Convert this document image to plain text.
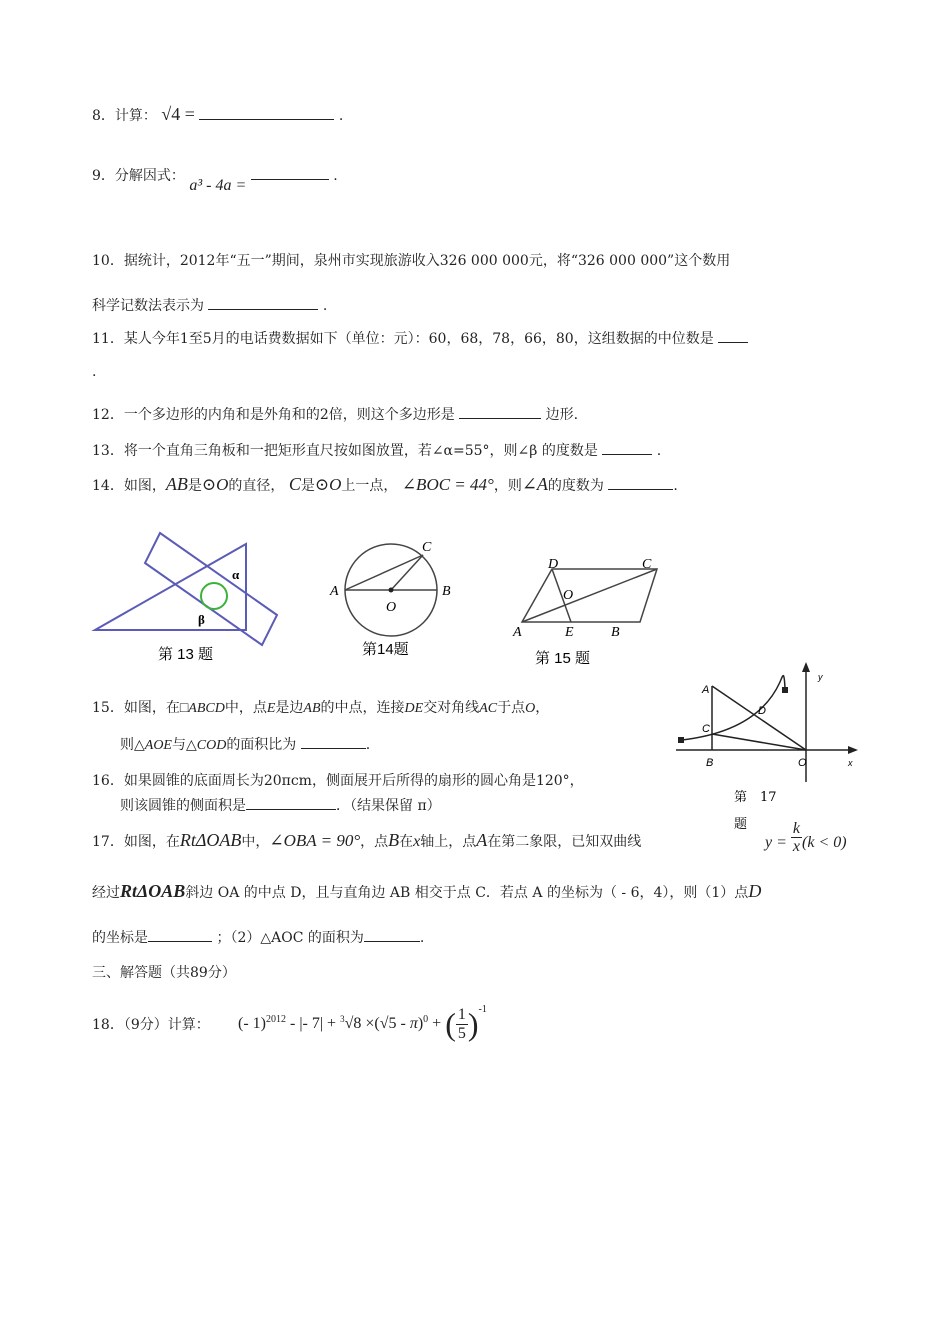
8．计算： √4 =	.
9．分解因式： a³ - 4a =  .
10．据统计，2012年“五一”期间，泉州市实现旅游收入326 000 000元，将“326 000 000”这个数用
科学记数法表示为	.
11．某人今年1至5月的电话费数据如下（单位：元）：60，68，78，66，80，这组数据的中位数是
.
12．一个多边形的内角和是外角和的2倍，则这个多边形是	边形.
13．将一个直角三角板和一把矩形直尺按如图放置，若∠α=55°，则∠β 的度数是	.
14．如图，AB是⊙O的直径， C是⊙O上一点， ∠BOC = 44°，则∠A的度数为	.
α
β
第 13 题
A	B
C
O
第14题
A	B
C
D
E
O
第 15 题
A
B
C
D
O	x
y
第　17
题
15．如图，在□ABCD中，点E是边AB的中点，连接DE交对角线AC于点O，
则△AOE与△COD的面积比为	.
16．如果圆锥的底面周长为20πcm，侧面展开后所得的扇形的圆心角是120°，
则该圆锥的侧面积是	．（结果保留 π）
17．如图，在RtΔOAB中，∠OBA = 90°，点B在x轴上，点A在第二象限，已知双曲线	$y = \frac{k}{x} (k < 0)$
经过RtΔOAB斜边 OA 的中点 D，且与直角边 AB 相交于点 C．若点 A 的坐标为（ - 6，4），则（1）点D
的坐标是	；（2）△AOC 的面积为	.
三、解答题（共89分）
18．（9分）计算： (- 1)$^{2012}$ - |- 7| + $^3$√8 ×(√5 - π)$^0$ + ( $\frac{1}{5} )^{-1}$
